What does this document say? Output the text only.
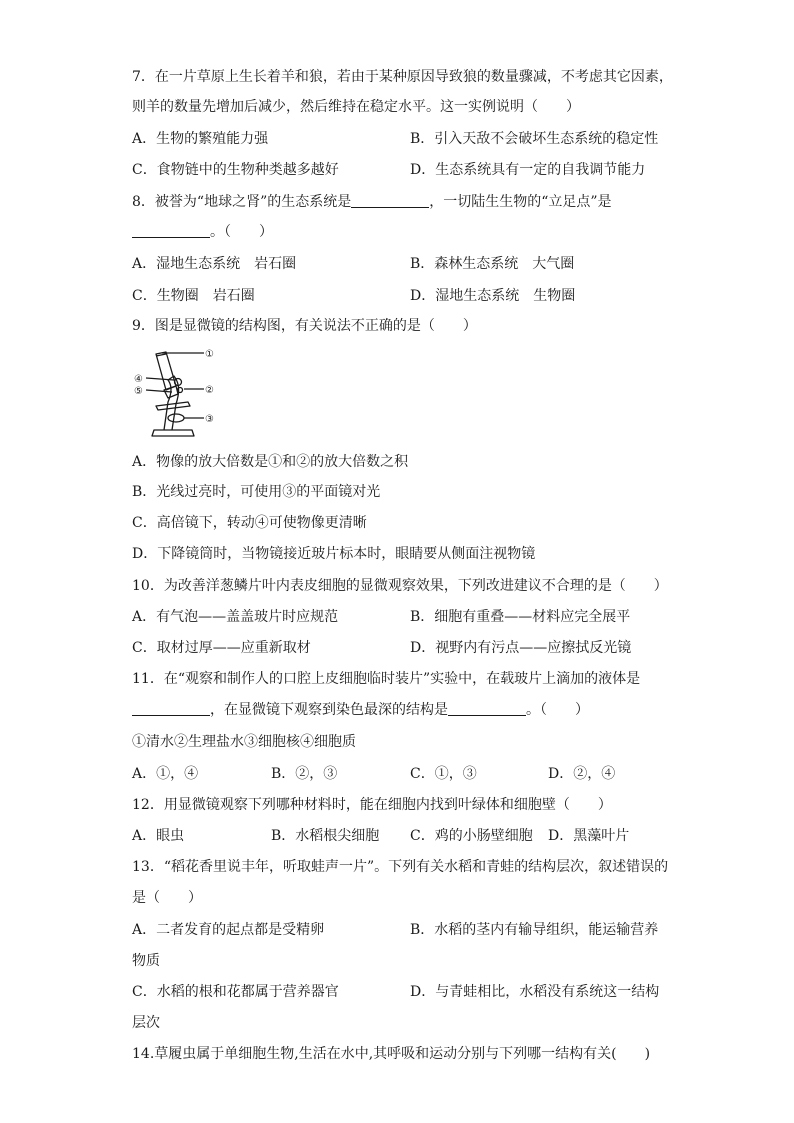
7．在一片草原上生长着羊和狼，若由于某种原因导致狼的数量骤减，不考虑其它因素，
则羊的数量先增加后减少，然后维持在稳定水平。这一实例说明（　　）
A．生物的繁殖能力强	B．引入天敌不会破坏生态系统的稳定性
C．食物链中的生物种类越多越好	D．生态系统具有一定的自我调节能力
8．被誉为“地球之肾”的生态系统是	，一切陆生生物的“立足点”是
。（　　）
A．湿地生态系统　岩石圈	B．森林生态系统　大气圈
C．生物圈　岩石圈	D．湿地生态系统　生物圈
9．图是显微镜的结构图，有关说法不正确的是（　　）
①
②
③
④
⑤
A．物像的放大倍数是①和②的放大倍数之积
B．光线过亮时，可使用③的平面镜对光
C．高倍镜下，转动④可使物像更清晰
D．下降镜筒时，当物镜接近玻片标本时，眼睛要从侧面注视物镜
10．为改善洋葱鳞片叶内表皮细胞的显微观察效果，下列改进建议不合理的是（　　）
A．有气泡——盖盖玻片时应规范	B．细胞有重叠——材料应完全展平
C．取材过厚——应重新取材	D．视野内有污点——应擦拭反光镜
11．在“观察和制作人的口腔上皮细胞临时装片”实验中，在载玻片上滴加的液体是
，在显微镜下观察到染色最深的结构是	。（　　）
①清水②生理盐水③细胞核④细胞质
A．①，④	B．②，③	C．①，③	D．②，④
12．用显微镜观察下列哪种材料时，能在细胞内找到叶绿体和细胞壁（　　）
A．眼虫	B．水稻根尖细胞 C．鸡的小肠壁细胞 D．黑藻叶片
13．“稻花香里说丰年，听取蛙声一片”。下列有关水稻和青蛙的结构层次，叙述错误的
是（　　）
A．二者发育的起点都是受精卵	B．水稻的茎内有输导组织，能运输营养
物质
C．水稻的根和花都属于营养器官	D．与青蛙相比，水稻没有系统这一结构
层次
14.草履虫属于单细胞生物,生活在水中,其呼吸和运动分别与下列哪一结构有关(　　)
